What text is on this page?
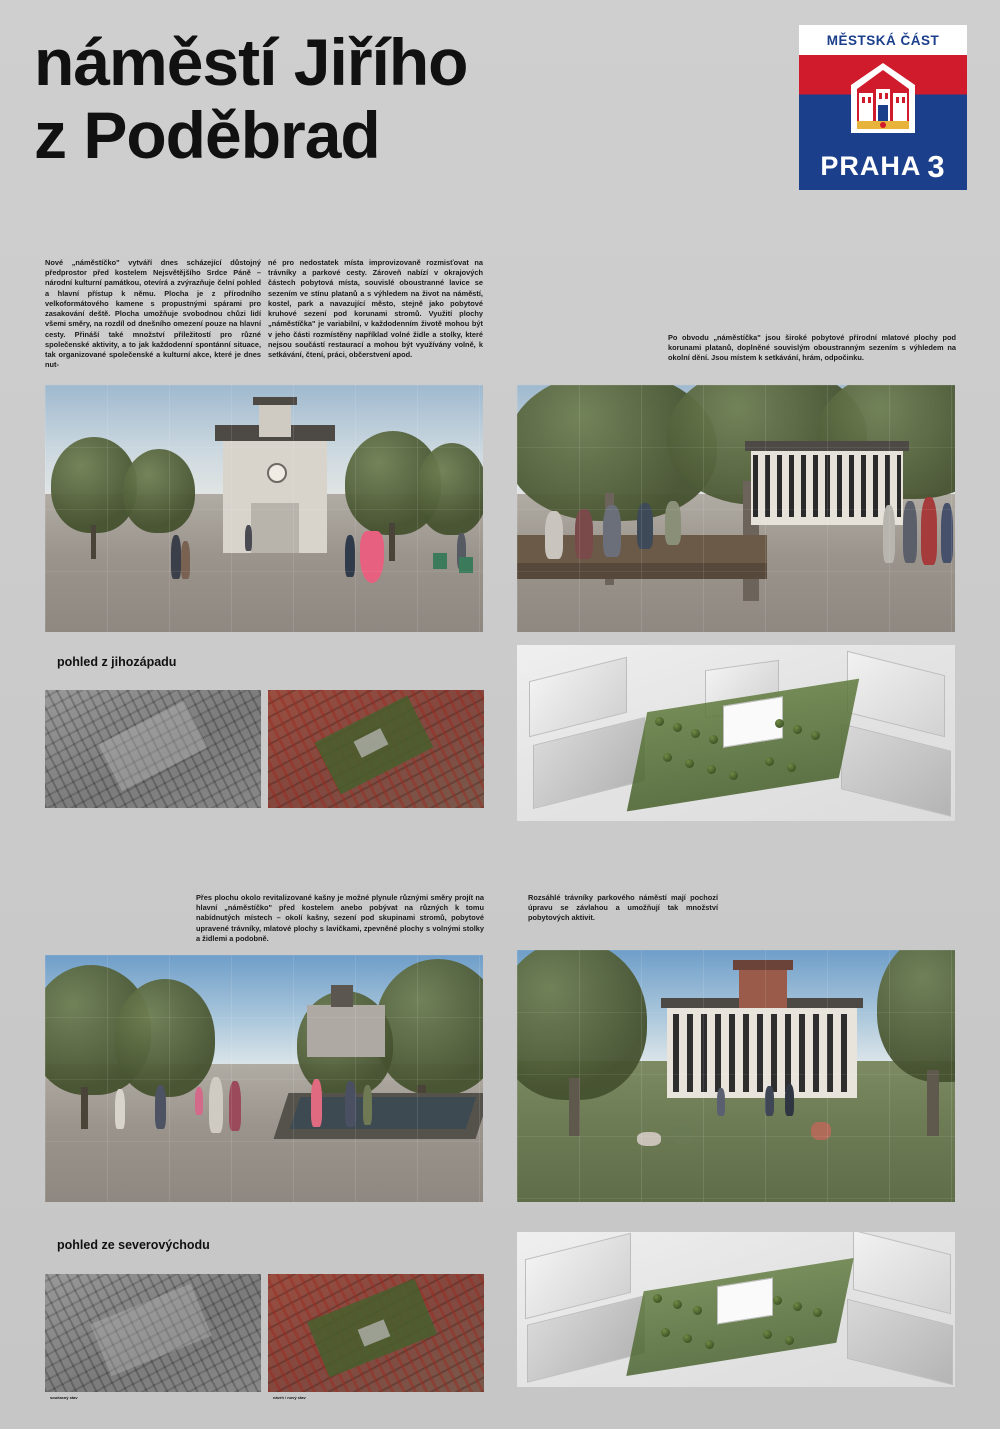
náměstí Jiřího
z Poděbrad
MĚSTSKÁ ČÁST
PRAHA 3
Nové „náměstíčko" vytváří dnes scházející důstojný předprostor před kostelem Nejsvětějšího Srdce Páně – národní kulturní památkou, otevírá a zvýrazňuje čelní pohled a hlavní přístup k němu. Plocha je z přírodního velkoformátového kamene s propustnými spárami pro zasakování deště. Plocha umožňuje svobodnou chůzi lidí všemi směry, na rozdíl od dnešního omezení pouze na hlavní cesty. Přináší také množství příležitostí pro různé společenské aktivity, a to jak každodenní spontánní situace, tak organizované společenské a kulturní akce, které je dnes nut-
né pro nedostatek místa improvizovaně rozmisťovat na trávníky a parkové cesty. Zároveň nabízí v okrajových částech pobytová místa, souvislé oboustranné lavice se sezením ve stínu platanů a s výhledem na život na náměstí, kostel, park a navazující město, stejně jako pobytové kruhové sezení pod korunami stromů. Využití plochy „náměstíčka" je variabilní, v každodenním životě mohou být v jeho části rozmístěny například volné židle a stolky, které nejsou součástí restaurací a mohou být využívány volně, k setkávání, čtení, práci, občerstvení apod.
Po obvodu „náměstíčka" jsou široké pobytové přírodní mlatové plochy pod korunami platanů, doplněné souvislým oboustranným sezením s výhledem na okolní dění. Jsou místem k setkávání, hrám, odpočinku.
Přes plochu okolo revitalizované kašny je možné plynule různými směry projít na hlavní „náměstíčko" před kostelem anebo pobývat na různých k tomu nabídnutých místech – okolí kašny, sezení pod skupinami stromů, pobytové upravené trávníky, mlatové plochy s lavičkami, zpevněné plochy s volnými stolky a židlemi a podobně.
Rozsáhlé trávníky parkového náměstí mají pochozí úpravu se závlahou a umožňují tak množství pobytových aktivit.
pohled z jihozápadu
pohled ze severovýchodu
současný stav	návrh / nový stav
